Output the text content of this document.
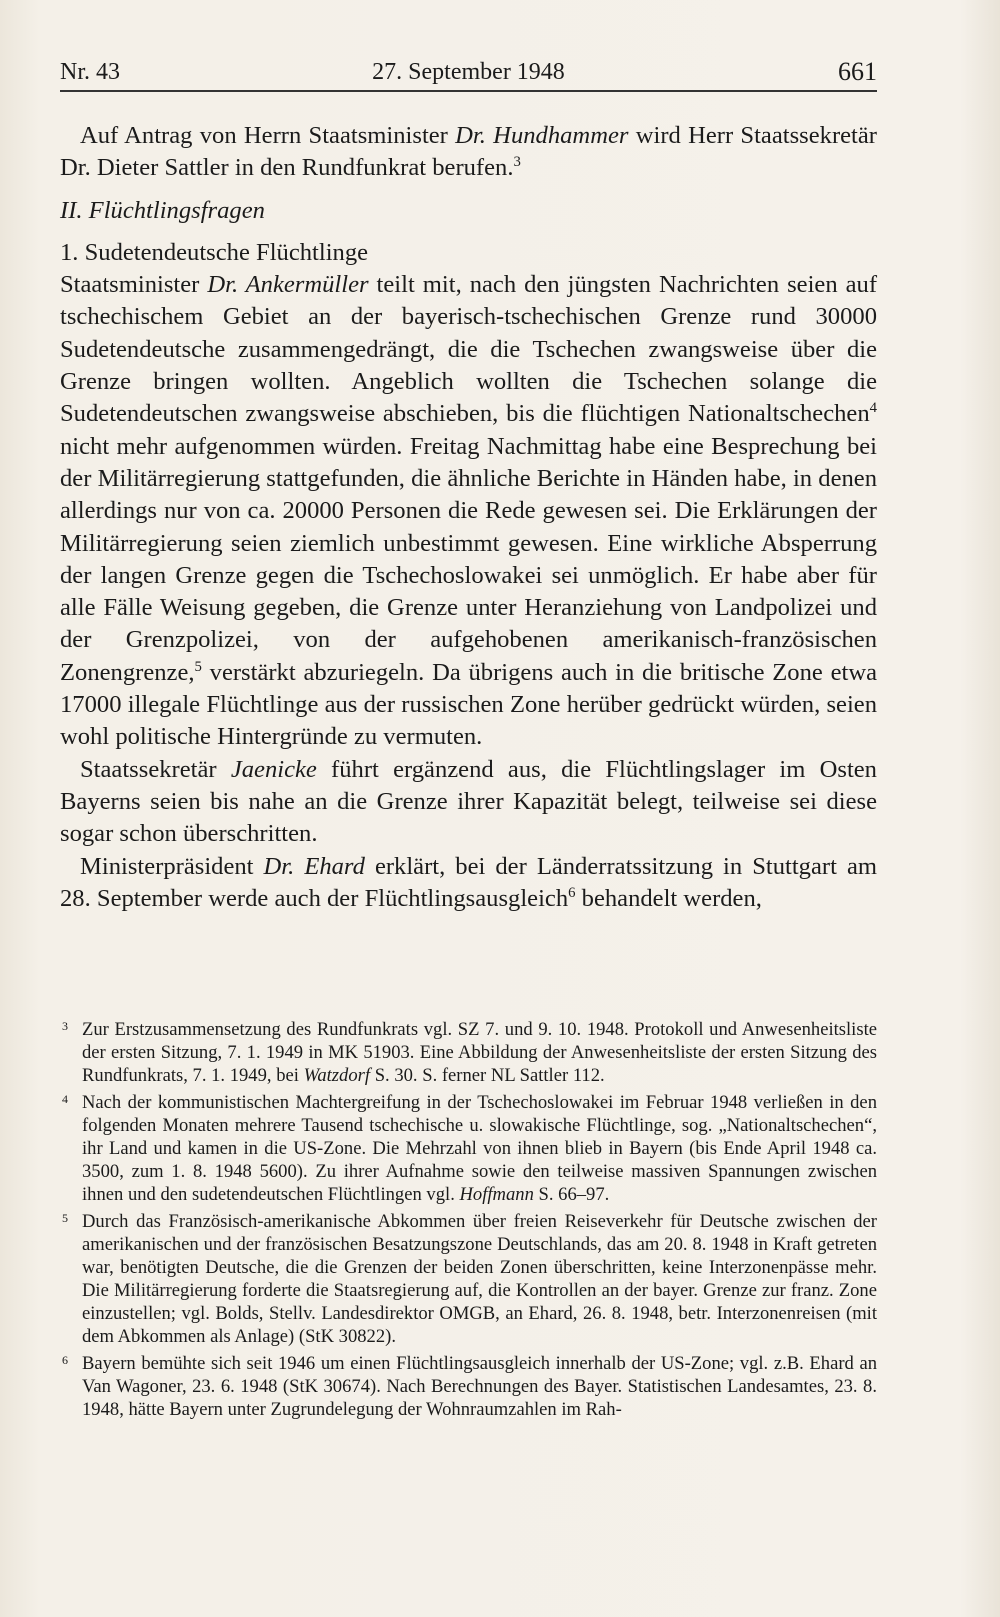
Nr. 43	27. September 1948	661

Auf Antrag von Herrn Staatsminister Dr. Hundhammer wird Herr Staatssekretär Dr. Dieter Sattler in den Rundfunkrat berufen.$^3$

II. Flüchtlingsfragen

1. Sudetendeutsche Flüchtlinge

Staatsminister Dr. Ankermüller teilt mit, nach den jüngsten Nachrichten seien auf tschechischem Gebiet an der bayerisch-tschechischen Grenze rund 30000 Sudetendeutsche zusammengedrängt, die die Tschechen zwangsweise über die Grenze bringen wollten. Angeblich wollten die Tschechen solange die Sudetendeutschen zwangsweise abschieben, bis die flüchtigen Nationaltschechen$^4$ nicht mehr aufgenommen würden. Freitag Nachmittag habe eine Besprechung bei der Militärregierung stattgefunden, die ähnliche Berichte in Händen habe, in denen allerdings nur von ca. 20000 Personen die Rede gewesen sei. Die Erklärungen der Militärregierung seien ziemlich unbestimmt gewesen. Eine wirkliche Absperrung der langen Grenze gegen die Tschechoslowakei sei unmöglich. Er habe aber für alle Fälle Weisung gegeben, die Grenze unter Heranziehung von Landpolizei und der Grenzpolizei, von der aufgehobenen amerikanisch-französischen Zonengrenze,$^5$ verstärkt abzuriegeln. Da übrigens auch in die britische Zone etwa 17000 illegale Flüchtlinge aus der russischen Zone herüber gedrückt würden, seien wohl politische Hintergründe zu vermuten.

Staatssekretär Jaenicke führt ergänzend aus, die Flüchtlingslager im Osten Bayerns seien bis nahe an die Grenze ihrer Kapazität belegt, teilweise sei diese sogar schon überschritten.

Ministerpräsident Dr. Ehard erklärt, bei der Länderratssitzung in Stuttgart am 28. September werde auch der Flüchtlingsausgleich$^6$ behandelt werden,

3 Zur Erstzusammensetzung des Rundfunkrats vgl. SZ 7. und 9. 10. 1948. Protokoll und Anwesenheitsliste der ersten Sitzung, 7. 1. 1949 in MK 51903. Eine Abbildung der Anwesenheitsliste der ersten Sitzung des Rundfunkrats, 7. 1. 1949, bei Watzdorf S. 30. S. ferner NL Sattler 112.
4 Nach der kommunistischen Machtergreifung in der Tschechoslowakei im Februar 1948 verließen in den folgenden Monaten mehrere Tausend tschechische u. slowakische Flüchtlinge, sog. „Nationaltschechen“, ihr Land und kamen in die US-Zone. Die Mehrzahl von ihnen blieb in Bayern (bis Ende April 1948 ca. 3500, zum 1. 8. 1948 5600). Zu ihrer Aufnahme sowie den teilweise massiven Spannungen zwischen ihnen und den sudetendeutschen Flüchtlingen vgl. Hoffmann S. 66–97.
5 Durch das Französisch-amerikanische Abkommen über freien Reiseverkehr für Deutsche zwischen der amerikanischen und der französischen Besatzungszone Deutschlands, das am 20. 8. 1948 in Kraft getreten war, benötigten Deutsche, die die Grenzen der beiden Zonen überschritten, keine Interzonenpässe mehr. Die Militärregierung forderte die Staatsregierung auf, die Kontrollen an der bayer. Grenze zur franz. Zone einzustellen; vgl. Bolds, Stellv. Landesdirektor OMGB, an Ehard, 26. 8. 1948, betr. Interzonenreisen (mit dem Abkommen als Anlage) (StK 30822).
6 Bayern bemühte sich seit 1946 um einen Flüchtlingsausgleich innerhalb der US-Zone; vgl. z.B. Ehard an Van Wagoner, 23. 6. 1948 (StK 30674). Nach Berechnungen des Bayer. Statistischen Landesamtes, 23. 8. 1948, hätte Bayern unter Zugrundelegung der Wohnraumzahlen im Rah-
